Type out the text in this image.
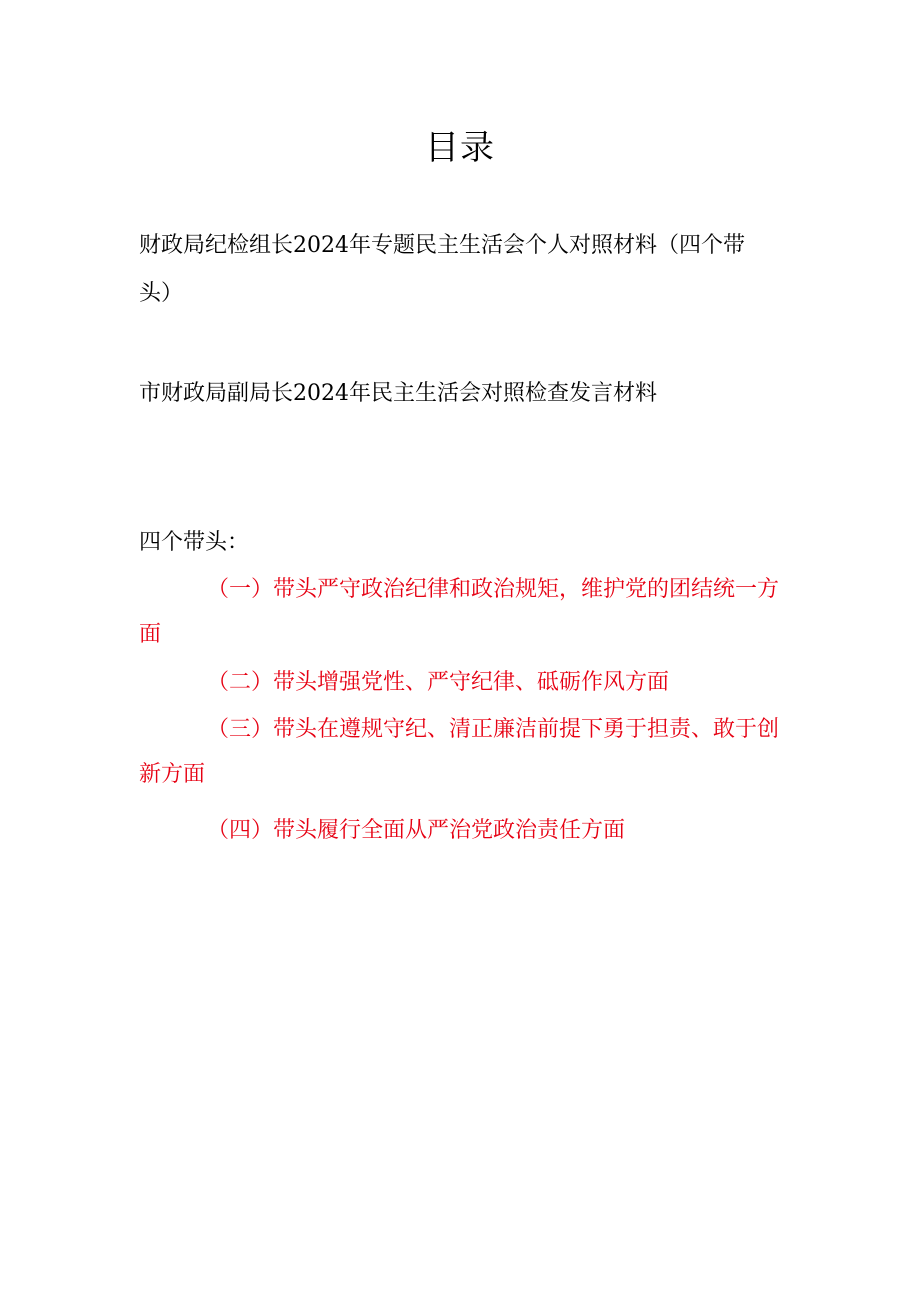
目录
财政局纪检组长2024年专题民主生活会个人对照材料（四个带头）
市财政局副局长2024年民主生活会对照检查发言材料
四个带头：
（一）带头严守政治纪律和政治规矩，维护党的团结统一方面
（二）带头增强党性、严守纪律、砥砺作风方面
（三）带头在遵规守纪、清正廉洁前提下勇于担责、敢于创新方面
（四）带头履行全面从严治党政治责任方面
